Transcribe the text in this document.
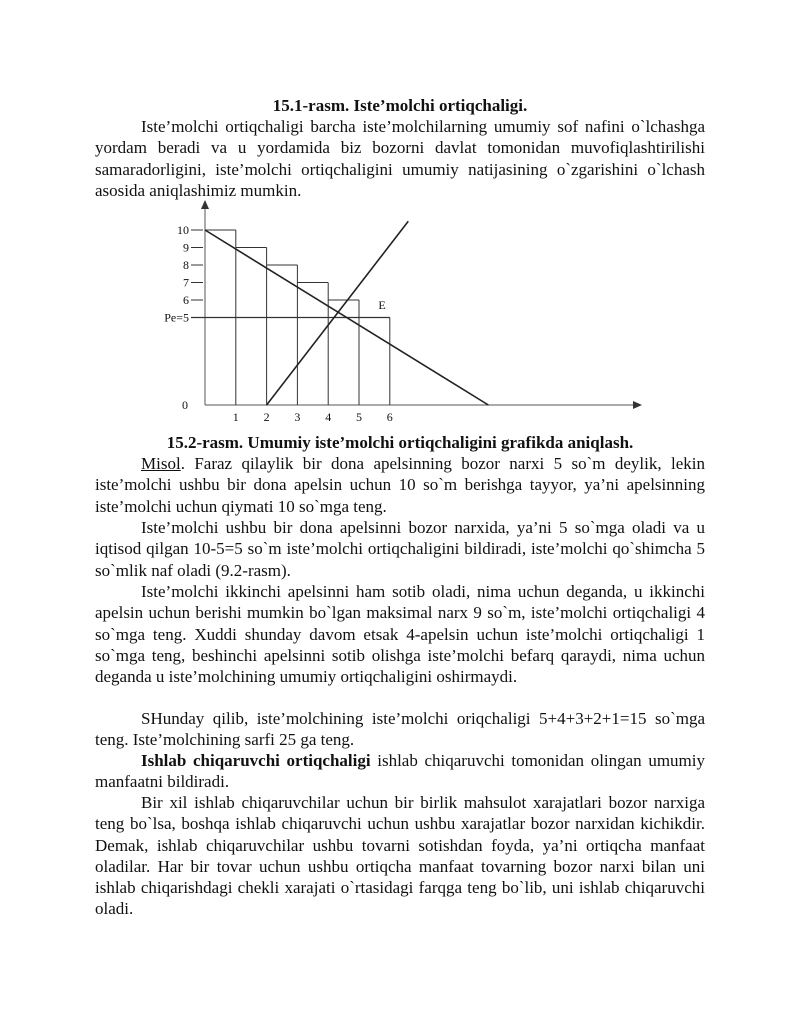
15.1-rasm. Iste’molchi ortiqchaligi.

Iste’molchi ortiqchaligi barcha iste’molchilarning umumiy sof nafini o`lchashga yordam beradi va u yordamida biz bozorni davlat tomonidan muvofiqlashtirilishi samaradorligini, iste’molchi ortiqchaligini umumiy natijasining o`zgarishini o`lchash asosida aniqlashimiz mumkin.

1 2 3 4 5 6
10
9
8
7
6
Pe=5
0
E

15.2-rasm. Umumiy iste’molchi ortiqchaligini grafikda aniqlash.

Misol. Faraz qilaylik bir dona apelsinning bozor narxi 5 so`m deylik, lekin iste’molchi ushbu bir dona apelsin uchun 10 so`m berishga tayyor, ya’ni apelsinning iste’molchi uchun qiymati 10 so`mga teng.

Iste’molchi ushbu bir dona apelsinni bozor narxida, ya’ni 5 so`mga oladi va u iqtisod qilgan 10-5=5 so`m iste’molchi ortiqchaligini bildiradi, iste’molchi qo`shimcha 5 so`mlik naf oladi (9.2-rasm).

Iste’molchi ikkinchi apelsinni ham sotib oladi, nima uchun deganda, u ikkinchi apelsin uchun berishi mumkin bo`lgan maksimal narx 9 so`m, iste’molchi ortiqchaligi 4 so`mga teng. Xuddi shunday davom etsak 4-apelsin uchun iste’molchi ortiqchaligi 1 so`mga teng, beshinchi apelsinni sotib olishga iste’molchi befarq qaraydi, nima uchun deganda u iste’molchining umumiy ortiqchaligini oshirmaydi.

SHunday qilib, iste’molchining iste’molchi oriqchaligi 5+4+3+2+1=15 so`mga teng. Iste’molchining sarfi 25 ga teng.

Ishlab chiqaruvchi ortiqchaligi ishlab chiqaruvchi tomonidan olingan umumiy manfaatni bildiradi.

Bir xil ishlab chiqaruvchilar uchun bir birlik mahsulot xarajatlari bozor narxiga teng bo`lsa, boshqa ishlab chiqaruvchi uchun ushbu xarajatlar bozor narxidan kichikdir. Demak, ishlab chiqaruvchilar ushbu tovarni sotishdan foyda, ya’ni ortiqcha manfaat oladilar. Har bir tovar uchun ushbu ortiqcha manfaat tovarning bozor narxi bilan uni ishlab chiqarishdagi chekli xarajati o`rtasidagi farqga teng bo`lib, uni ishlab chiqaruvchi oladi.
